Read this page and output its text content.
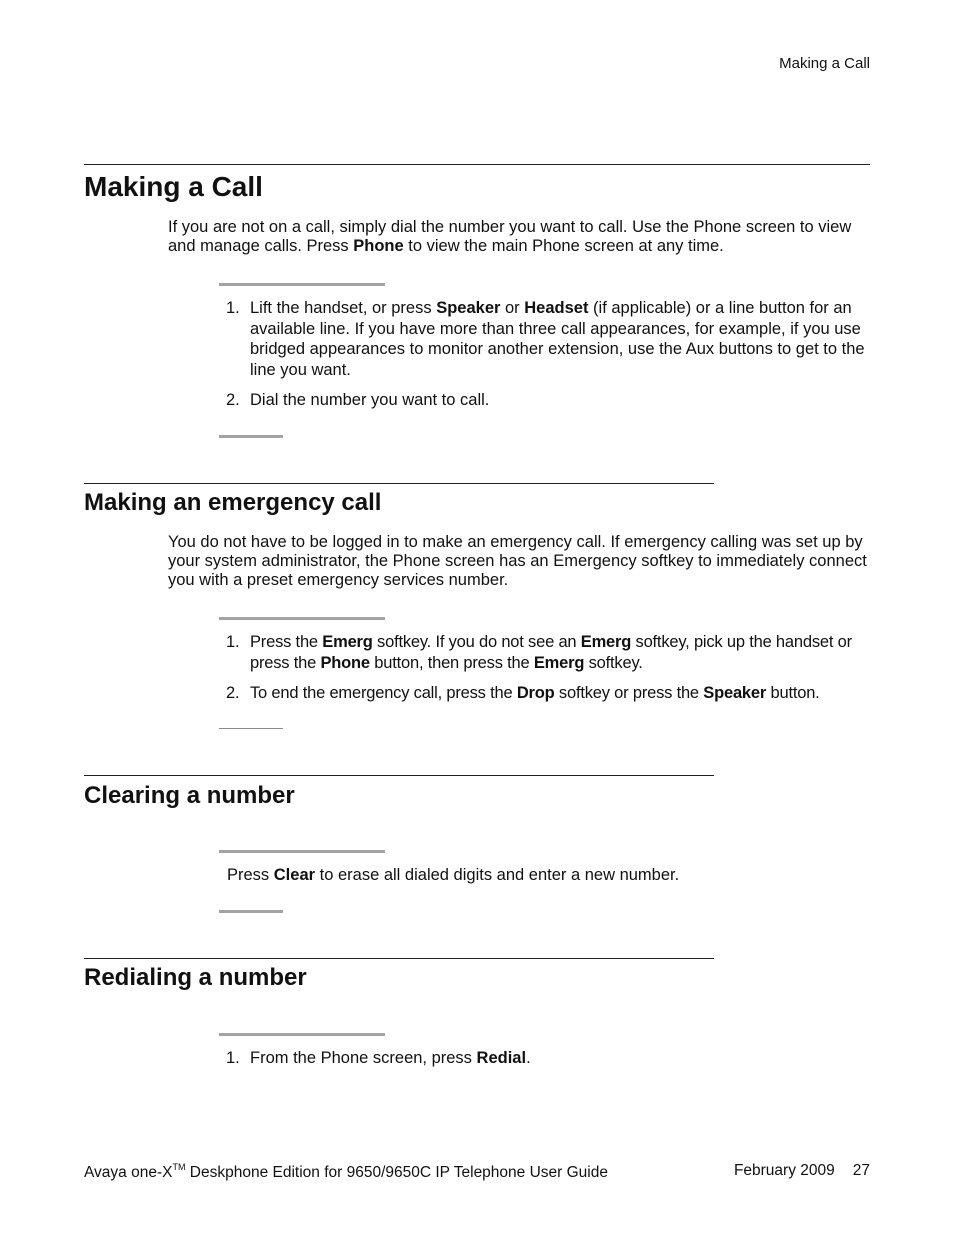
Making a Call
Making a Call

If you are not on a call, simply dial the number you want to call. Use the Phone screen to view and manage calls. Press Phone to view the main Phone screen at any time.

1. Lift the handset, or press Speaker or Headset (if applicable) or a line button for an available line. If you have more than three call appearances, for example, if you use bridged appearances to monitor another extension, use the Aux buttons to get to the line you want.
2. Dial the number you want to call.
Making an emergency call

You do not have to be logged in to make an emergency call. If emergency calling was set up by your system administrator, the Phone screen has an Emergency softkey to immediately connect you with a preset emergency services number.

1. Press the Emerg softkey. If you do not see an Emerg softkey, pick up the handset or press the Phone button, then press the Emerg softkey.
2. To end the emergency call, press the Drop softkey or press the Speaker button.
Clearing a number

Press Clear to erase all dialed digits and enter a new number.

Redialing a number
1. From the Phone screen, press Redial.
Avaya one-X™ Deskphone Edition for 9650/9650C IP Telephone User Guide	February 2009 27
